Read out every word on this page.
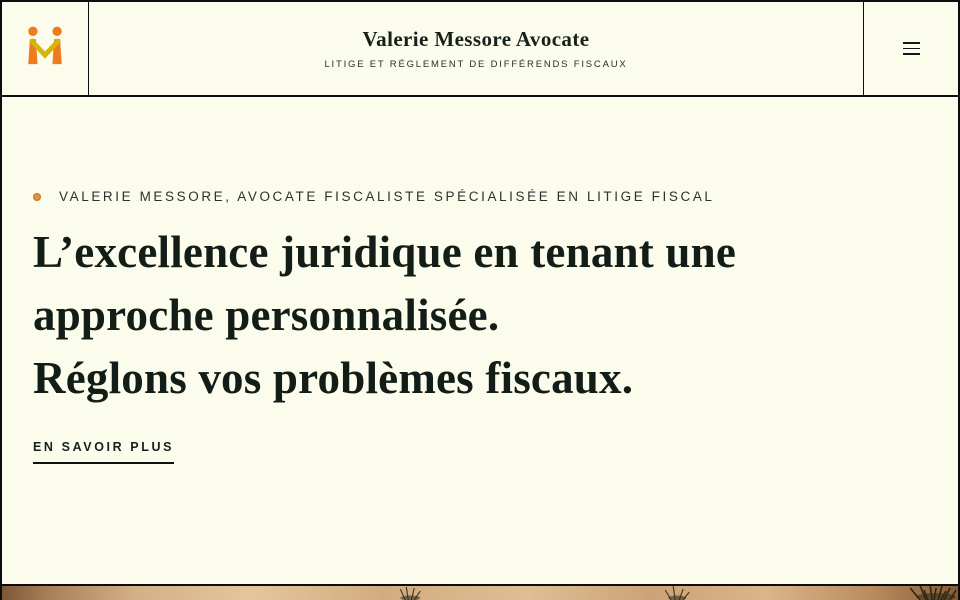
Valerie Messore Avocate
LITIGE ET RÉGLEMENT DE DIFFÉRENDS FISCAUX
VALERIE MESSORE, AVOCATE FISCALISTE SPÉCIALISÉE EN LITIGE FISCAL
L’excellence juridique en tenant une
approche personnalisée.
Réglons vos problèmes fiscaux.
EN SAVOIR PLUS
